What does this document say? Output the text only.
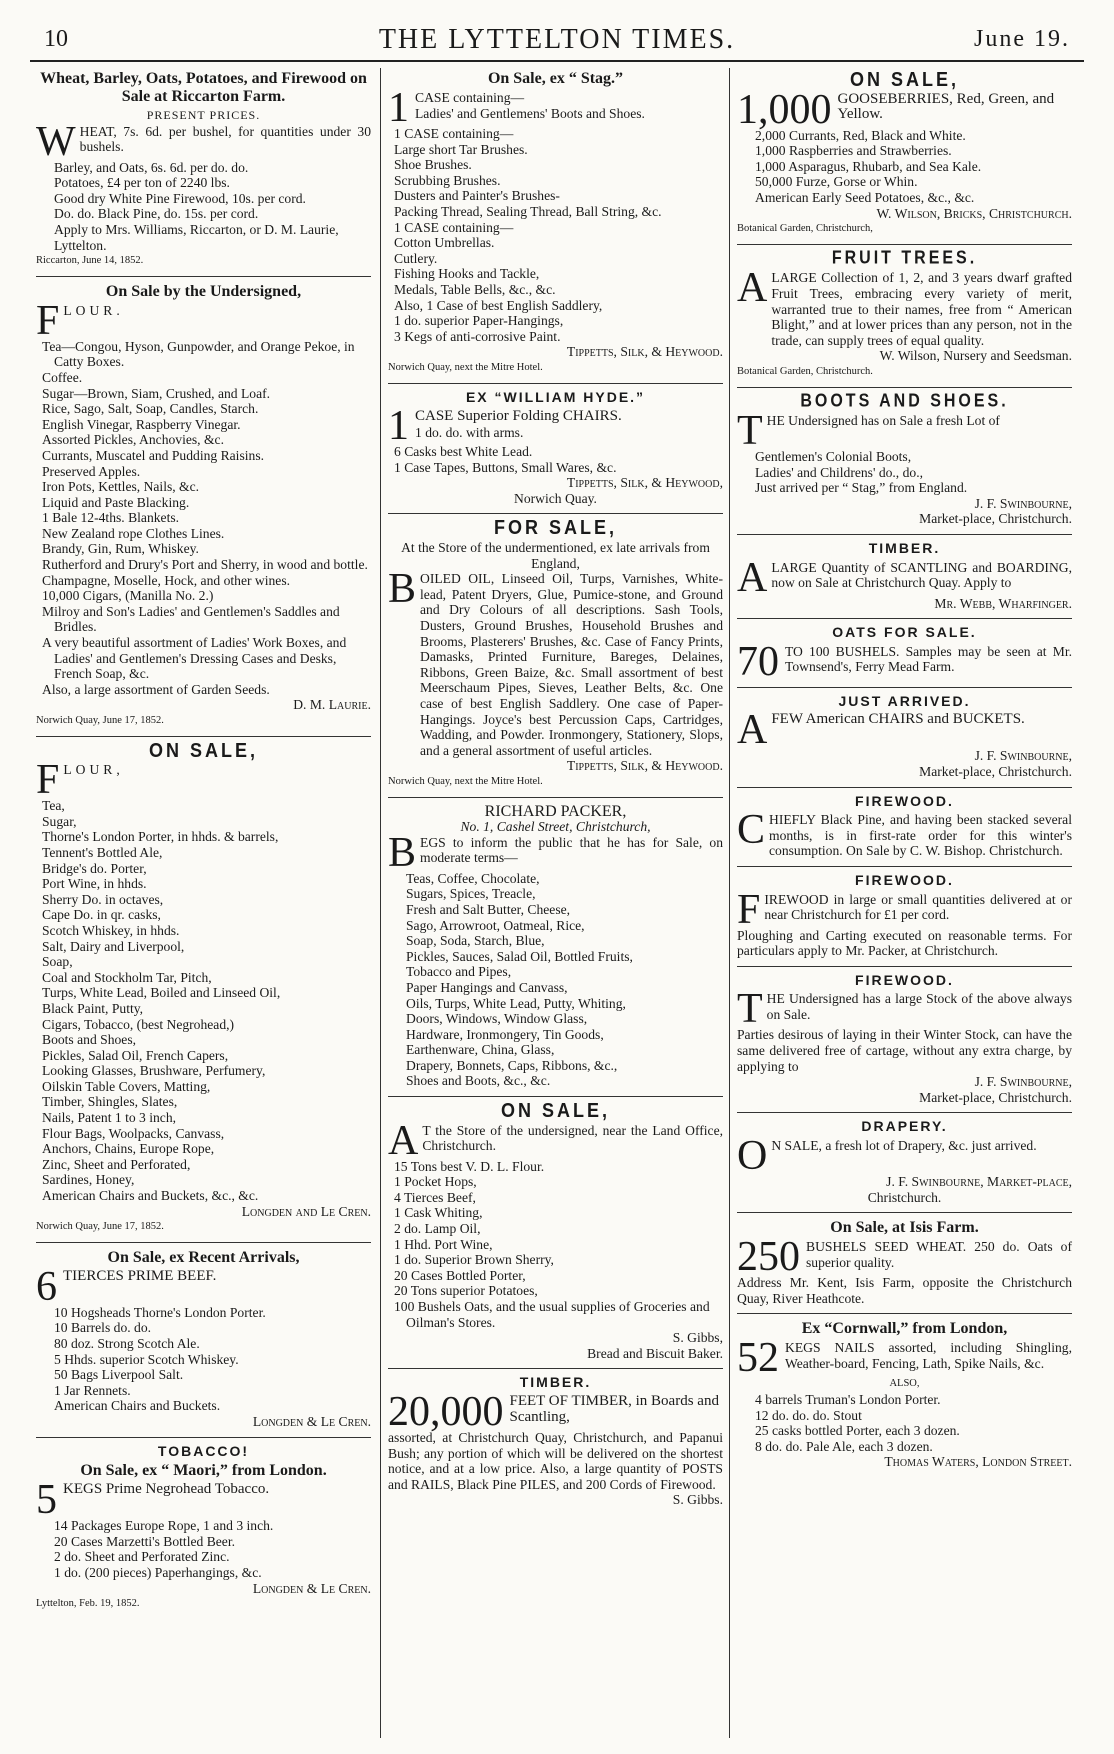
10	THE LYTTELTON TIMES.	June 19.
Wheat, Barley, Oats, Potatoes, and Firewood on Sale at Riccarton Farm.
PRESENT PRICES.
W HEAT, 7s. 6d. per bushel, for quantities under 30 bushels.
Barley, and Oats, 6s. 6d. per do. do.
Potatoes, £4 per ton of 2240 lbs.
Good dry White Pine Firewood, 10s. per cord.
Do. do. Black Pine, do. 15s. per cord.
Apply to Mrs. Williams, Riccarton, or D. M. Laurie, Lyttelton.
Riccarton, June 14, 1852.
On Sale by the Undersigned,
F LOUR.
Tea—Congou, Hyson, Gunpowder, and Orange Pekoe, in Catty Boxes.
Coffee.
Sugar—Brown, Siam, Crushed, and Loaf.
Rice, Sago, Salt, Soap, Candles, Starch.
English Vinegar, Raspberry Vinegar.
Assorted Pickles, Anchovies, &c.
Currants, Muscatel and Pudding Raisins.
Preserved Apples.
Iron Pots, Kettles, Nails, &c.
Liquid and Paste Blacking.
1 Bale 12-4ths. Blankets.
New Zealand rope Clothes Lines.
Brandy, Gin, Rum, Whiskey.
Rutherford and Drury's Port and Sherry, in wood and bottle.
Champagne, Moselle, Hock, and other wines.
10,000 Cigars, (Manilla No. 2.)
Milroy and Son's Ladies' and Gentlemen's Saddles and Bridles.
A very beautiful assortment of Ladies' Work Boxes, and Ladies' and Gentlemen's Dressing Cases and Desks, French Soap, &c.
Also, a large assortment of Garden Seeds.
D. M. Laurie.
Norwich Quay, June 17, 1852.
ON SALE,
F LOUR,
Tea,
Sugar,
Thorne's London Porter, in hhds. & barrels,
Tennent's Bottled Ale,
Bridge's do. Porter,
Port Wine, in hhds.
Sherry Do. in octaves,
Cape Do. in qr. casks,
Scotch Whiskey, in hhds.
Salt, Dairy and Liverpool,
Soap,
Coal and Stockholm Tar, Pitch,
Turps, White Lead, Boiled and Linseed Oil,
Black Paint, Putty,
Cigars, Tobacco, (best Negrohead,)
Boots and Shoes,
Pickles, Salad Oil, French Capers,
Looking Glasses, Brushware, Perfumery,
Oilskin Table Covers, Matting,
Timber, Shingles, Slates,
Nails, Patent 1 to 3 inch,
Flour Bags, Woolpacks, Canvass,
Anchors, Chains, Europe Rope,
Zinc, Sheet and Perforated,
Sardines, Honey,
American Chairs and Buckets, &c., &c.
Longden and Le Cren.
Norwich Quay, June 17, 1852.
On Sale, ex Recent Arrivals,
6 TIERCES PRIME BEEF.
10 Hogsheads Thorne's London Porter.
10 Barrels do. do.
80 doz. Strong Scotch Ale.
5 Hhds. superior Scotch Whiskey.
50 Bags Liverpool Salt.
1 Jar Rennets.
American Chairs and Buckets.
Longden & Le Cren.
TOBACCO!
On Sale, ex “ Maori,” from London.
5 KEGS Prime Negrohead Tobacco.
14 Packages Europe Rope, 1 and 3 inch.
20 Cases Marzetti's Bottled Beer.
2 do. Sheet and Perforated Zinc.
1 do. (200 pieces) Paperhangings, &c.
Longden & Le Cren.
Lyttelton, Feb. 19, 1852.
On Sale, ex “ Stag.”
1 CASE containing—
Ladies' and Gentlemens' Boots and Shoes.
1 CASE containing—
Large short Tar Brushes.
Shoe Brushes.
Scrubbing Brushes.
Dusters and Painter's Brushes-
Packing Thread, Sealing Thread, Ball String, &c.
1 CASE containing—
Cotton Umbrellas.
Cutlery.
Fishing Hooks and Tackle,
Medals, Table Bells, &c., &c.
Also, 1 Case of best English Saddlery,
1 do. superior Paper-Hangings,
3 Kegs of anti-corrosive Paint.
Tippetts, Silk, & Heywood.
Norwich Quay, next the Mitre Hotel.
EX “WILLIAM HYDE.”
1 CASE Superior Folding CHAIRS.
1 do. do. with arms.
6 Casks best White Lead.
1 Case Tapes, Buttons, Small Wares, &c.
Tippetts, Silk, & Heywood,
Norwich Quay.
FOR SALE,
At the Store of the undermentioned, ex late arrivals from England,
B OILED OIL, Linseed Oil, Turps, Varnishes, White-lead, Patent Dryers, Glue, Pumice-stone, and Ground and Dry Colours of all descriptions. Sash Tools, Dusters, Ground Brushes, Household Brushes and Brooms, Plasterers' Brushes, &c. Case of Fancy Prints, Damasks, Printed Furniture, Bareges, Delaines, Ribbons, Green Baize, &c. Small assortment of best Meerschaum Pipes, Sieves, Leather Belts, &c. One case of best English Saddlery. One case of Paper-Hangings. Joyce's best Percussion Caps, Cartridges, Wadding, and Powder. Ironmongery, Stationery, Slops, and a general assortment of useful articles.
Tippetts, Silk, & Heywood.
Norwich Quay, next the Mitre Hotel.
RICHARD PACKER,
No. 1, Cashel Street, Christchurch,
B EGS to inform the public that he has for Sale, on moderate terms—
Teas, Coffee, Chocolate,
Sugars, Spices, Treacle,
Fresh and Salt Butter, Cheese,
Sago, Arrowroot, Oatmeal, Rice,
Soap, Soda, Starch, Blue,
Pickles, Sauces, Salad Oil, Bottled Fruits,
Tobacco and Pipes,
Paper Hangings and Canvass,
Oils, Turps, White Lead, Putty, Whiting,
Doors, Windows, Window Glass,
Hardware, Ironmongery, Tin Goods,
Earthenware, China, Glass,
Drapery, Bonnets, Caps, Ribbons, &c.,
Shoes and Boots, &c., &c.
ON SALE,
A T the Store of the undersigned, near the Land Office, Christchurch.
15 Tons best V. D. L. Flour.
1 Pocket Hops,
4 Tierces Beef,
1 Cask Whiting,
2 do. Lamp Oil,
1 Hhd. Port Wine,
1 do. Superior Brown Sherry,
20 Cases Bottled Porter,
20 Tons superior Potatoes,
100 Bushels Oats, and the usual supplies of Groceries and Oilman's Stores.
S. Gibbs,
Bread and Biscuit Baker.
TIMBER.
20,000 FEET OF TIMBER, in Boards and Scantling,
assorted, at Christchurch Quay, Christchurch, and Papanui Bush; any portion of which will be delivered on the shortest notice, and at a low price. Also, a large quantity of POSTS and RAILS, Black Pine PILES, and 200 Cords of Firewood.
S. Gibbs.
ON SALE,
1,000 GOOSEBERRIES, Red, Green, and Yellow.
2,000 Currants, Red, Black and White.
1,000 Raspberries and Strawberries.
1,000 Asparagus, Rhubarb, and Sea Kale.
50,000 Furze, Gorse or Whin.
American Early Seed Potatoes, &c., &c.
W. Wilson, Bricks, Christchurch.
Botanical Garden, Christchurch,
FRUIT TREES.
A LARGE Collection of 1, 2, and 3 years dwarf grafted Fruit Trees, embracing every variety of merit, warranted true to their names, free from “ American Blight,” and at lower prices than any person, not in the trade, can supply trees of equal quality.
W. Wilson, Nursery and Seedsman.
Botanical Garden, Christchurch.
BOOTS AND SHOES.
T HE Undersigned has on Sale a fresh Lot of
Gentlemen's Colonial Boots,
Ladies' and Childrens' do., do.,
Just arrived per “ Stag,” from England.
J. F. Swinbourne,
Market-place, Christchurch.
TIMBER.
A LARGE Quantity of SCANTLING and BOARDING, now on Sale at Christchurch Quay. Apply to
Mr. Webb, Wharfinger.
OATS FOR SALE.
70 TO 100 BUSHELS. Samples may be seen at Mr. Townsend's, Ferry Mead Farm.
JUST ARRIVED.
A FEW American CHAIRS and BUCKETS.
J. F. Swinbourne,
Market-place, Christchurch.
FIREWOOD.
C HIEFLY Black Pine, and having been stacked several months, is in first-rate order for this winter's consumption. On Sale by C. W. Bishop. Christchurch.
FIREWOOD.
F IREWOOD in large or small quantities delivered at or near Christchurch for £1 per cord.
Ploughing and Carting executed on reasonable terms. For particulars apply to Mr. Packer, at Christchurch.
FIREWOOD.
T HE Undersigned has a large Stock of the above always on Sale.
Parties desirous of laying in their Winter Stock, can have the same delivered free of cartage, without any extra charge, by applying to
J. F. Swinbourne,
Market-place, Christchurch.
DRAPERY.
O N SALE, a fresh lot of Drapery, &c. just arrived.
J. F. Swinbourne, Market-place,
Christchurch.
On Sale, at Isis Farm.
250 BUSHELS SEED WHEAT. 250 do. Oats of superior quality.
Address Mr. Kent, Isis Farm, opposite the Christchurch Quay, River Heathcote.
Ex “Cornwall,” from London,
52 KEGS NAILS assorted, including Shingling, Weather-board, Fencing, Lath, Spike Nails, &c.
ALSO,
4 barrels Truman's London Porter.
12 do. do. do. Stout
25 casks bottled Porter, each 3 dozen.
8 do. do. Pale Ale, each 3 dozen.
Thomas Waters, London Street.
